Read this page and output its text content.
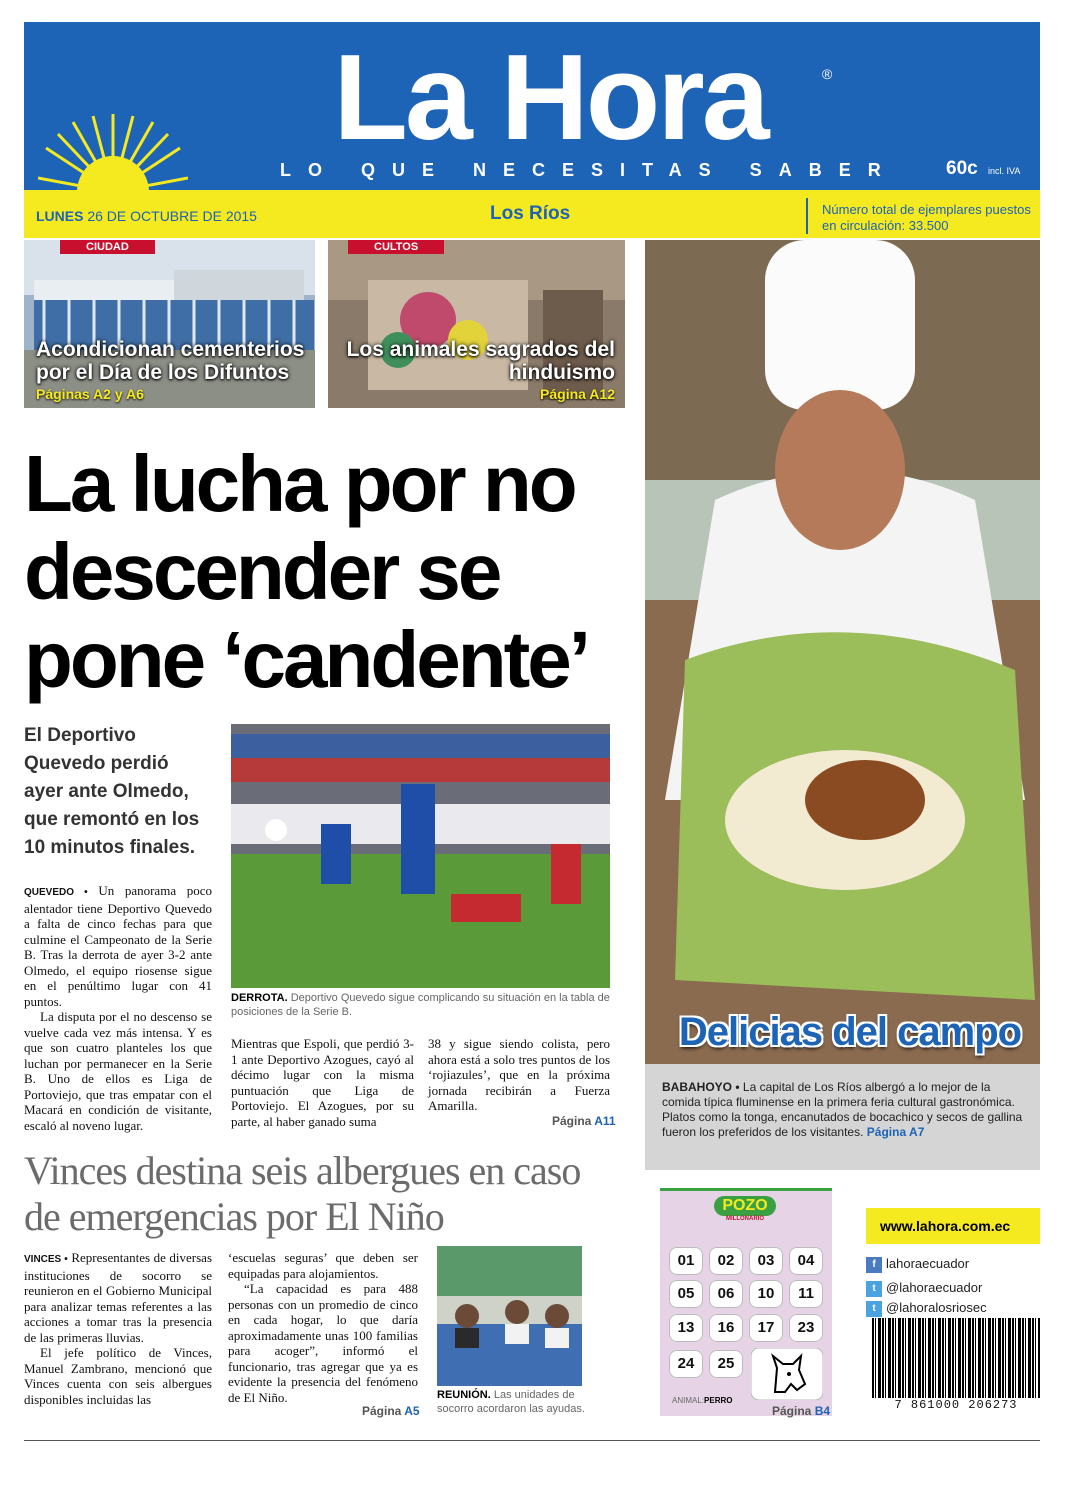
La Hora	®
LO QUE NECESITAS SABER	60c incl. IVA
LUNES 26 DE OCTUBRE DE 2015	Los Ríos	Número total de ejemplares puestos en circulación: 33.500
CIUDAD
Acondicionan cementerios por el Día de los Difuntos
Páginas A2 y A6
CULTOS
Los animales sagrados del hinduismo
Página A12
La lucha por no descender se pone ‘candente’
El Deportivo Quevedo perdió ayer ante Olmedo, que remontó en los 10 minutos finales.
DERROTA. Deportivo Quevedo sigue complicando su situación en la tabla de posiciones de la Serie B.
QUEVEDO • Un panorama poco alentador tiene Deportivo Quevedo a falta de cinco fechas para que culmine el Campeonato de la Serie B. Tras la derrota de ayer 3-2 ante Olmedo, el equipo riosense sigue en el penúltimo lugar con 41 puntos.
La disputa por el no descenso se vuelve cada vez más intensa. Y es que son cuatro planteles los que luchan por permanecer en la Serie B. Uno de ellos es Liga de Portoviejo, que tras empatar con el Macará en condición de visitante, escaló al noveno lugar.
Mientras que Espoli, que perdió 3-1 ante Deportivo Azogues, cayó al décimo lugar con la misma puntuación que Liga de Portoviejo. El Azogues, por su parte, al haber ganado suma
38 y sigue siendo colista, pero ahora está a solo tres puntos de los ‘rojiazules’, que en la próxima jornada recibirán a Fuerza Amarilla.
Página A11
Delicias del campo
BABAHOYO • La capital de Los Ríos albergó a lo mejor de la comida típica fluminense en la primera feria cultural gastronómica. Platos como la tonga, encanutados de bocachico y secos de gallina fueron los preferidos de los visitantes. Página A7
Vinces destina seis albergues en caso de emergencias por El Niño
VINCES • Representantes de diversas instituciones de socorro se reunieron en el Gobierno Municipal para analizar temas referentes a las acciones a tomar tras la presencia de las primeras lluvias.
El jefe político de Vinces, Manuel Zambrano, mencionó que Vinces cuenta con seis albergues disponibles incluidas las
‘escuelas seguras’ que deben ser equipadas para alojamientos.
“La capacidad es para 488 personas con un promedio de cinco en cada hogar, lo que daría aproximadamente unas 100 familias para acoger”, informó el funcionario, tras agregar que ya es evidente la presencia del fenómeno de El Niño.
Página A5
REUNIÓN. Las unidades de socorro acordaron las ayudas.
POZO
MILLONARIO
01	02	03	04
05	06	10	11
13	16	17	23
24	25
ANIMAL:PERRO
Página B4
www.lahora.com.ec
f lahoraecuador
t @lahoraecuador
t @lahoralosriosec
7 861000 206273
